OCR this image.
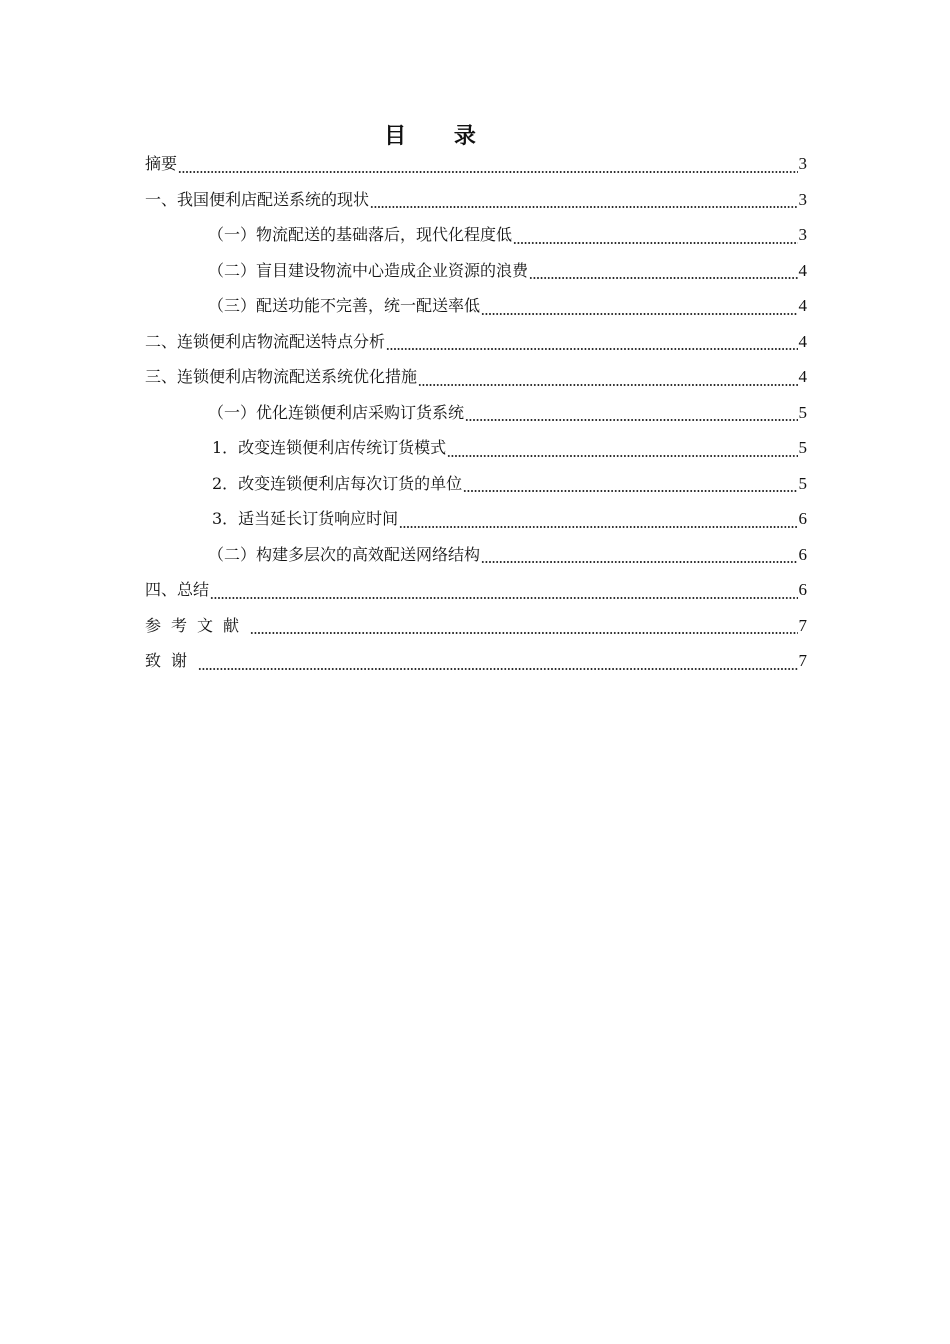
目 录
摘要	3
一、我国便利店配送系统的现状	3
（一）物流配送的基础落后，现代化程度低	3
（二）盲目建设物流中心造成企业资源的浪费	4
（三）配送功能不完善，统一配送率低	4
二、连锁便利店物流配送特点分析	4
三、连锁便利店物流配送系统优化措施	4
（一）优化连锁便利店采购订货系统	5
1．改变连锁便利店传统订货模式	5
2．改变连锁便利店每次订货的单位	5
3．适当延长订货响应时间	6
（二）构建多层次的高效配送网络结构	6
四、总结	6
参考文献	7
致谢	7
